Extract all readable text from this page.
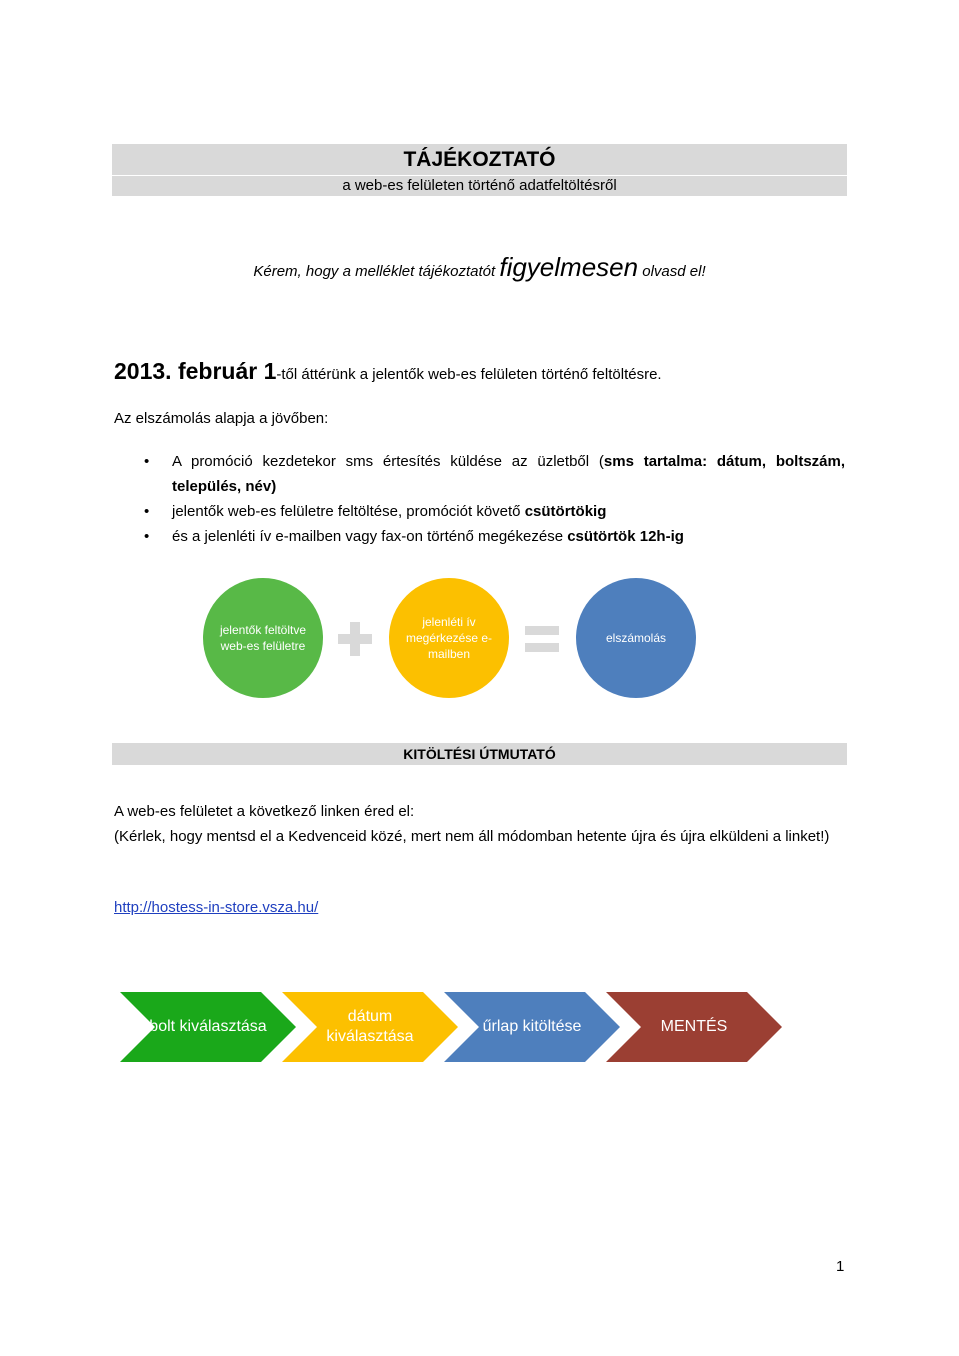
TÁJÉKOZTATÓ
a web-es felületen történő adatfeltöltésről
Kérem, hogy a melléklet tájékoztatót figyelmesen olvasd el!
2013. február 1-től áttérünk a jelentők web-es felületen történő feltöltésre.
Az elszámolás alapja a jövőben:
• A promóció kezdetekor sms értesítés küldése az üzletből (sms tartalma: dátum, boltszám, település, név)
• jelentők web-es felületre feltöltése, promóciót követő csütörtökig
• és a jelenléti ív e-mailben vagy fax-on történő megékezése csütörtök 12h-ig
jelentők feltöltve web-es felületre
jelenléti ív megérkezése e-mailben
elszámolás
KITÖLTÉSI ÚTMUTATÓ
A web-es felületet a következő linken éred el:
(Kérlek, hogy mentsd el a Kedvenceid közé, mert nem áll módomban hetente újra és újra elküldeni a linket!)
http://hostess-in-store.vsza.hu/
bolt kiválasztása
dátum kiválasztása
űrlap kitöltése	MENTÉS
1
